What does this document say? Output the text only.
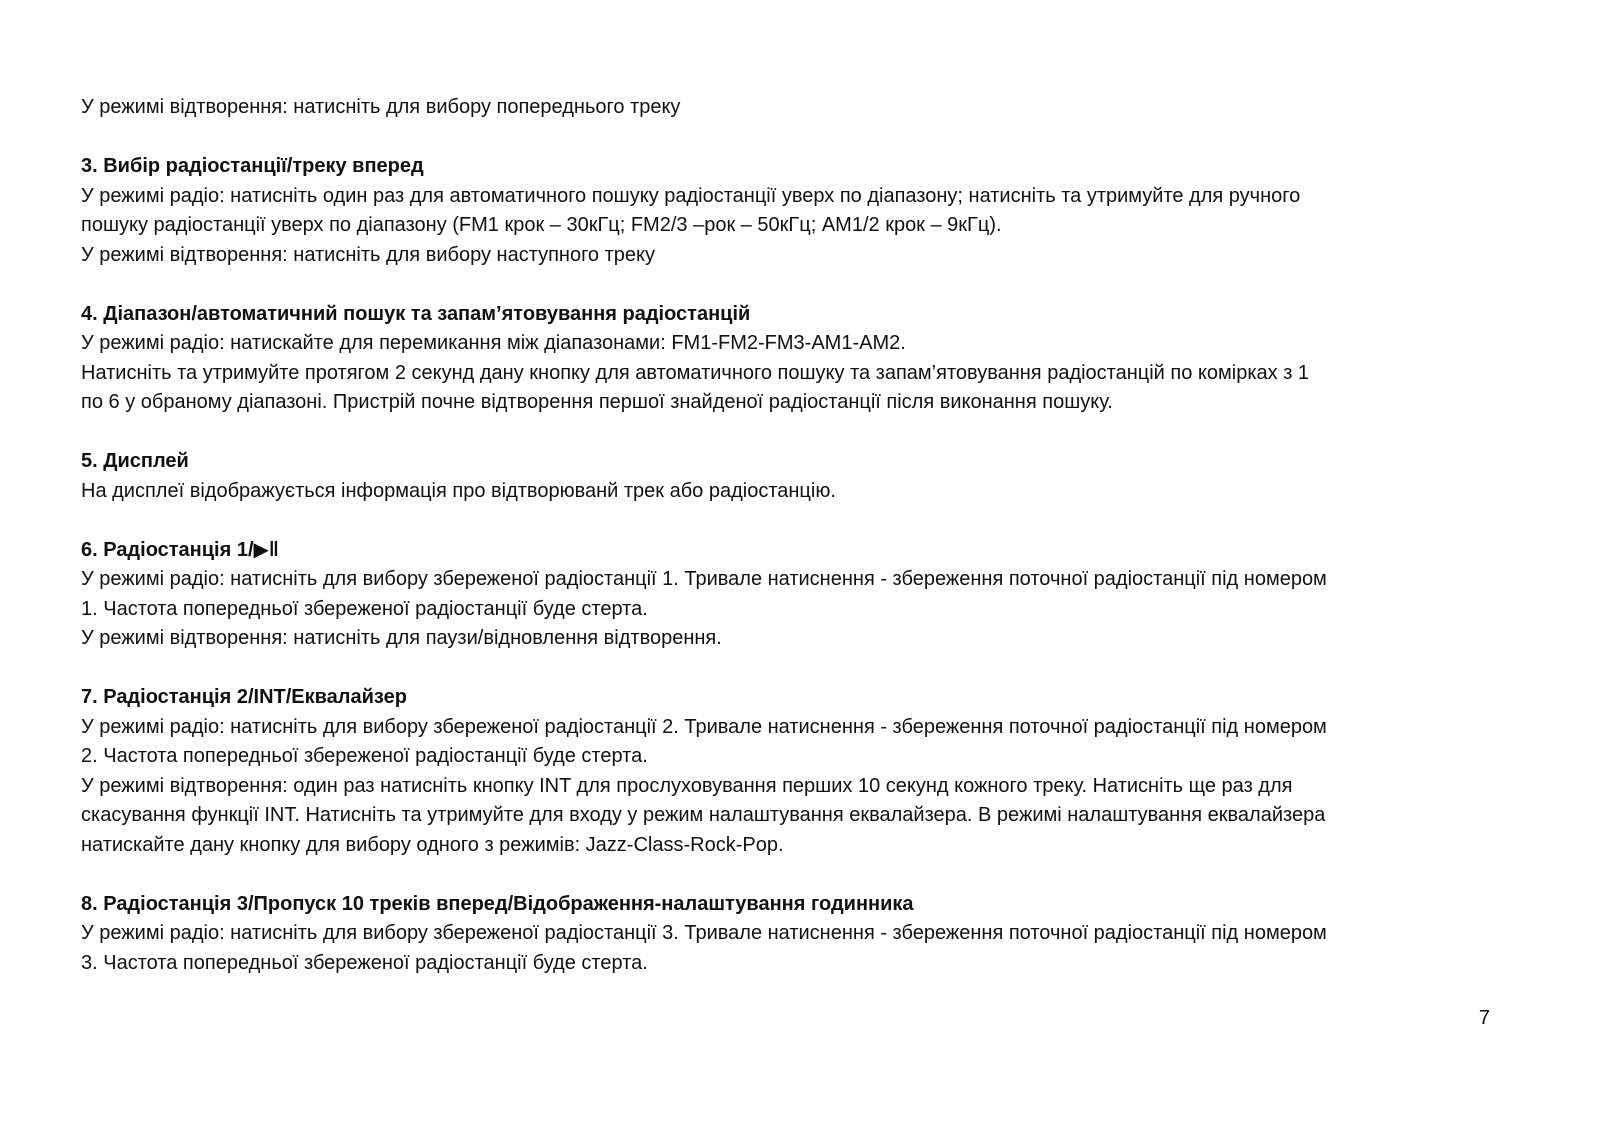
У режимі відтворення: натисніть для вибору попереднього треку
3. Вибір радіостанції/треку вперед
У режимі радіо: натисніть один раз для автоматичного пошуку радіостанції уверх по діапазону; натисніть та утримуйте для ручного
пошуку радіостанції уверх по діапазону (FM1 крок – 30кГц; FM2/3 –рок – 50кГц; AM1/2 крок – 9кГц).
У режимі відтворення: натисніть для вибору наступного треку
4. Діапазон/автоматичний пошук та запам’ятовування радіостанцій
У режимі радіо: натискайте для перемикання між діапазонами: FM1-FM2-FM3-AM1-AM2.
Натисніть та утримуйте протягом 2 секунд дану кнопку для автоматичного пошуку та запам’ятовування радіостанцій по комірках з 1
по 6 у обраному діапазоні. Пристрій почне відтворення першої знайденої радіостанції після виконання пошуку.
5. Дисплей
На дисплеї відображується інформація про відтворюванй трек або радіостанцію.
6. Радіостанція 1/▶ǁ
У режимі радіо: натисніть для вибору збереженої радіостанції 1. Тривале натиснення - збереження поточної радіостанції під номером
1. Частота попередньої збереженої радіостанції буде стерта.
У режимі відтворення: натисніть для паузи/відновлення відтворення.
7. Радіостанція 2/INT/Еквалайзер
У режимі радіо: натисніть для вибору збереженої радіостанції 2. Тривале натиснення - збереження поточної радіостанції під номером
2. Частота попередньої збереженої радіостанції буде стерта.
У режимі відтворення: один раз натисніть кнопку INT для прослуховування перших 10 секунд кожного треку. Натисніть ще раз для
скасування функції INT. Натисніть та утримуйте для входу у режим налаштування еквалайзера. В режимі налаштування еквалайзера
натискайте дану кнопку для вибору одного з режимів: Jazz-Class-Rock-Pop.
8. Радіостанція 3/Пропуск 10 треків вперед/Відображення-налаштування годинника
У режимі радіо: натисніть для вибору збереженої радіостанції 3. Тривале натиснення - збереження поточної радіостанції під номером
3. Частота попередньої збереженої радіостанції буде стерта.
7
